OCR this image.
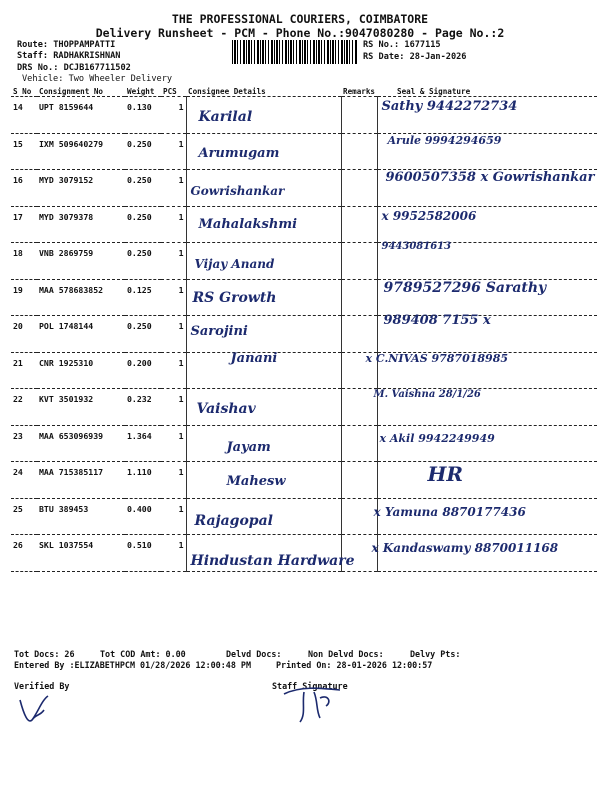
THE PROFESSIONAL COURIERS, COIMBATORE
Delivery Runsheet - PCM - Phone No.:9047080280 - Page No.:2
Route: THOPPAMPATTI
Staff: RADHAKRISHNAN
DRS No.: DCJB167711502
Vehicle: Two Wheeler Delivery
RS No.: 1677115
RS Date: 28-Jan-2026
S No	Consignment No	Weight	PCS	Consignee Details	Remarks	Seal & Signature
14	UPT 8159644	0.130	1	Karilal		Sathy 9442272734

15	IXM 509640279	0.250	1	Arumugam		Arule 9994294659

16	MYD 3079152	0.250	1	Gowrishankar		9600507358 x Gowrishankar

17	MYD 3079378	0.250	1	Mahalakshmi		x 9952582006

18	VNB 2869759	0.250	1	Vijay Anand		9443081613

19	MAA 578683852	0.125	1	RS Growth		9789527296 Sarathy

20	POL 1748144	0.250	1	Sarojini		989408 7155 x

21	CNR 1925310	0.200	1	Janani		x C.NIVAS 9787018985

22	KVT 3501932	0.232	1	Vaishav		M. Vaishna 28/1/26

23	MAA 653096939	1.364	1	Jayam		x Akil 9942249949

24	MAA 715385117	1.110	1	Mahesw		HR

25	BTU 389453	0.400	1	Rajagopal		x Yamuna 8870177436

26	SKL 1037554	0.510	1	Hindustan Hardware		x Kandaswamy 8870011168
Tot Docs: 26	Tot COD Amt: 0.00	Delvd Docs:	Non Delvd Docs:	Delvy Pts:
Entered By :ELIZABETHPCM 01/28/2026 12:00:48 PM	Printed On: 28-01-2026 12:00:57
Verified By	Staff Signature
